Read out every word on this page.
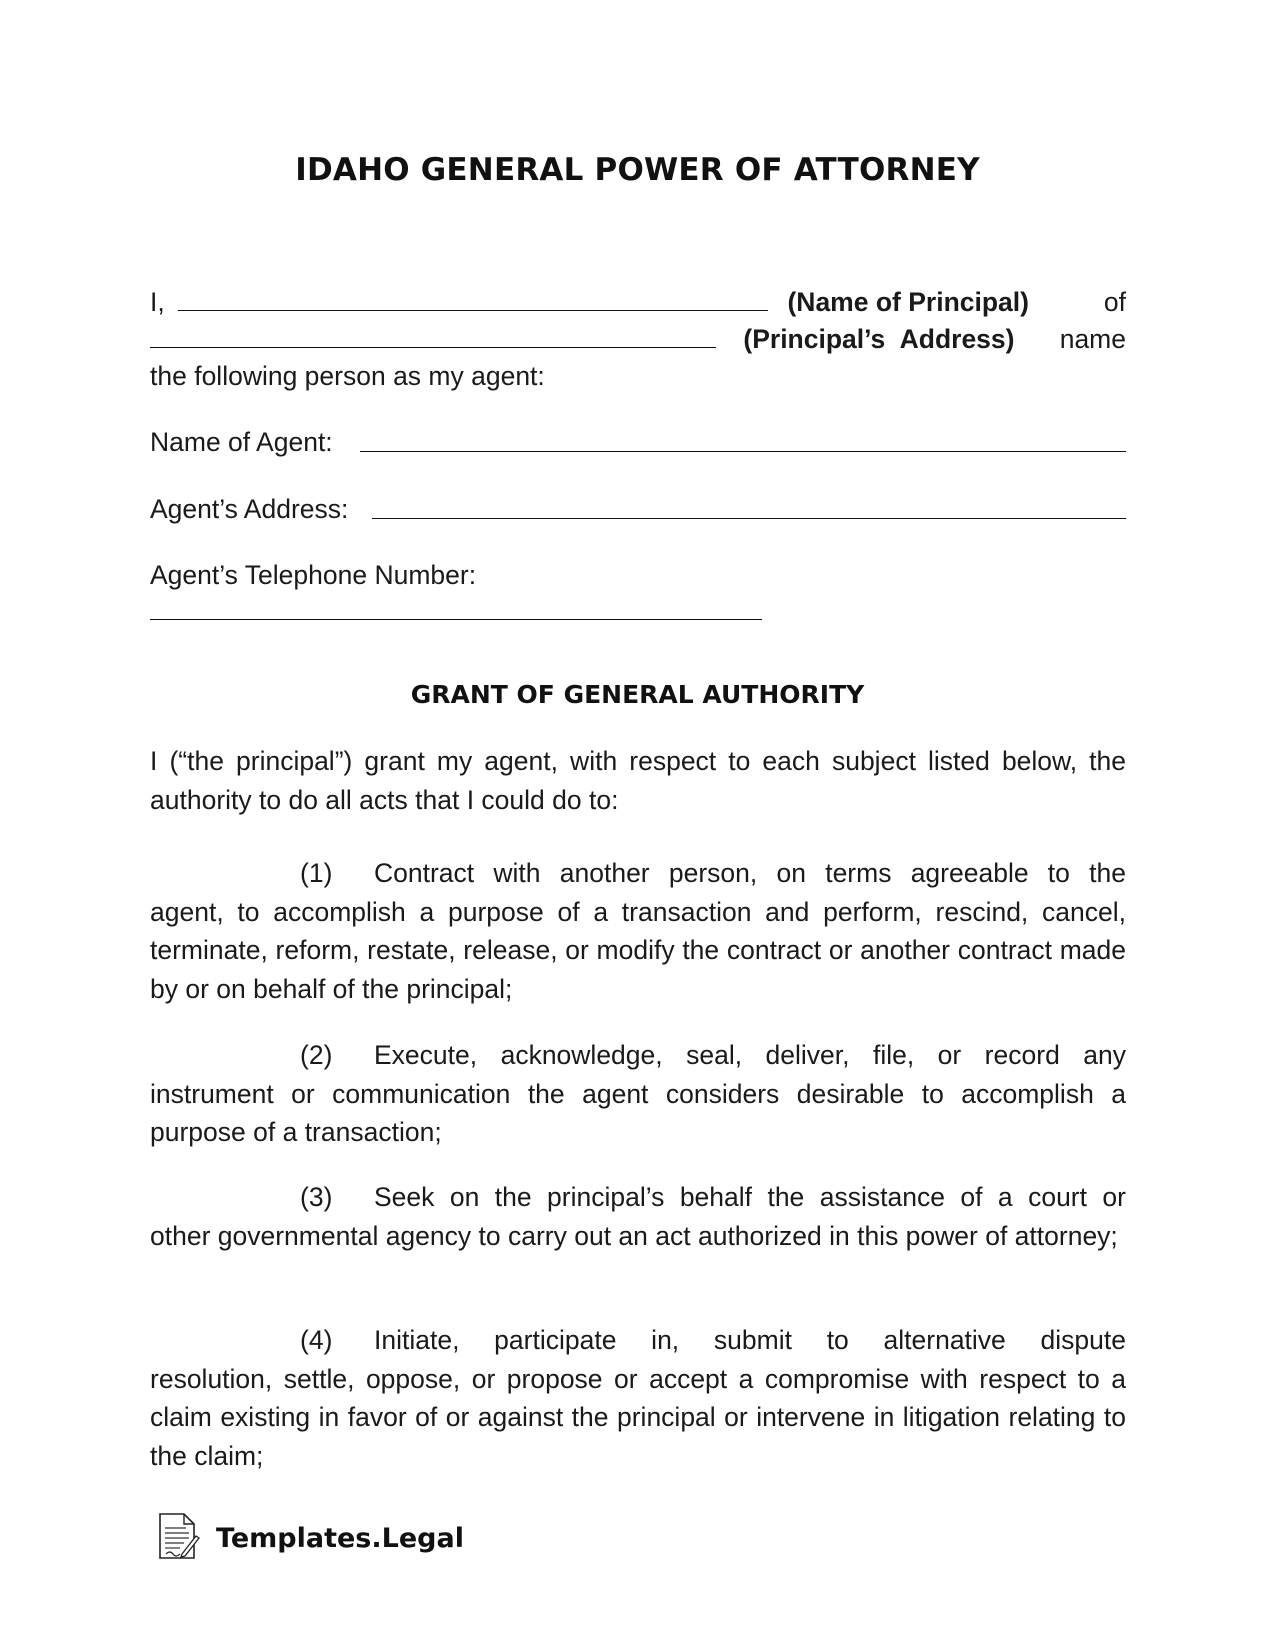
IDAHO GENERAL POWER OF ATTORNEY
I,	(Name of Principal)	of
(Principal’s Address) name
the following person as my agent:
Name of Agent:
Agent’s Address:
Agent’s Telephone Number:
GRANT OF GENERAL AUTHORITY
I (“the principal”) grant my agent, with respect to each subject listed below, the authority to do all acts that I could do to:
(1) Contract with another person, on terms agreeable to the
agent, to accomplish a purpose of a transaction and perform, rescind, cancel, terminate, reform, restate, release, or modify the contract or another contract made by or on behalf of the principal;
(2) Execute, acknowledge, seal, deliver, file, or record any
instrument or communication the agent considers desirable to accomplish a purpose of a transaction;
(3) Seek on the principal’s behalf the assistance of a court or
other governmental agency to carry out an act authorized in this power of attorney;
(4) Initiate, participate in, submit to alternative dispute
resolution, settle, oppose, or propose or accept a compromise with respect to a claim existing in favor of or against the principal or intervene in litigation relating to the claim;
Templates.Legal
